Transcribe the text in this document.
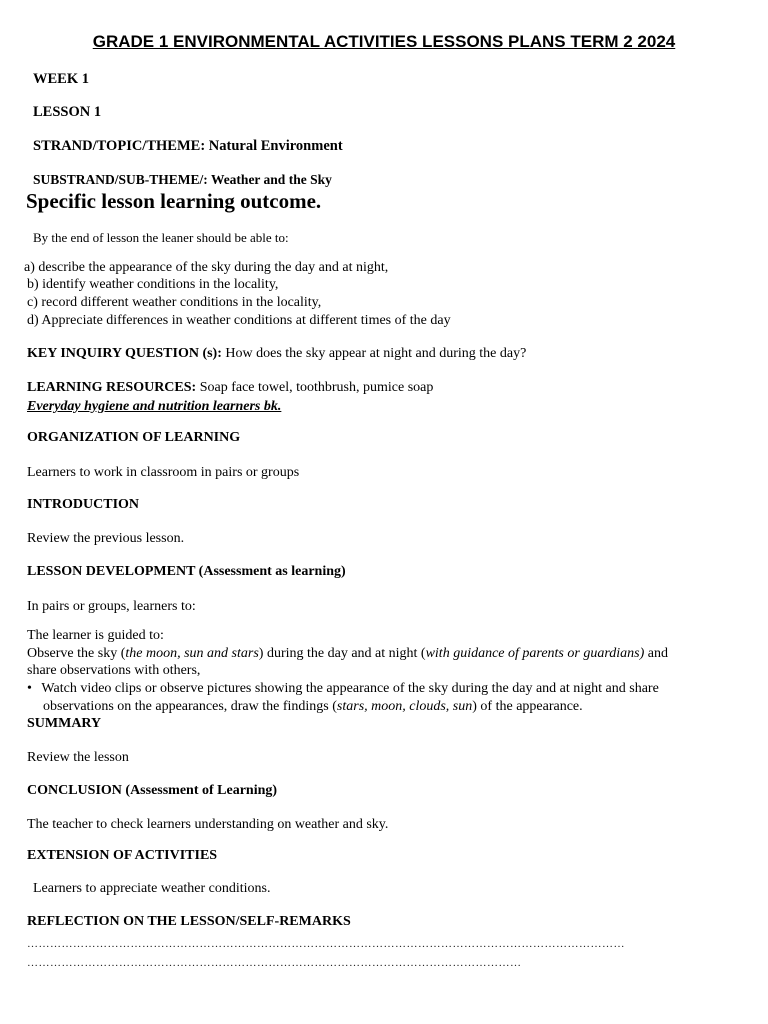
GRADE 1 ENVIRONMENTAL ACTIVITIES LESSONS PLANS TERM 2 2024
WEEK 1
LESSON 1
STRAND/TOPIC/THEME: Natural Environment
SUBSTRAND/SUB-THEME/: Weather and the Sky
Specific lesson learning outcome.
By the end of lesson the leaner should be able to:
a) describe the appearance of the sky during the day and at night,
b) identify weather conditions in the locality,
c) record different weather conditions in the locality,
d) Appreciate differences in weather conditions at different times of the day
KEY INQUIRY QUESTION (s): How does the sky appear at night and during the day?
LEARNING RESOURCES: Soap face towel, toothbrush, pumice soap
Everyday hygiene and nutrition learners bk.
ORGANIZATION OF LEARNING
Learners to work in classroom in pairs or groups
INTRODUCTION
Review the previous lesson.
LESSON DEVELOPMENT (Assessment as learning)
In pairs or groups, learners to:
The learner is guided to:
Observe the sky (the moon, sun and stars) during the day and at night (with guidance of parents or guardians) and
share observations with others,
• Watch video clips or observe pictures showing the appearance of the sky during the day and at night and share
observations on the appearances, draw the findings (stars, moon, clouds, sun) of the appearance.
SUMMARY
Review the lesson
CONCLUSION (Assessment of Learning)
The teacher to check learners understanding on weather and sky.
EXTENSION OF ACTIVITIES
Learners to appreciate weather conditions.
REFLECTION ON THE LESSON/SELF-REMARKS
…………………………………………………………………………………………………………………………………………
…………………………………………………………………………………………………………………
